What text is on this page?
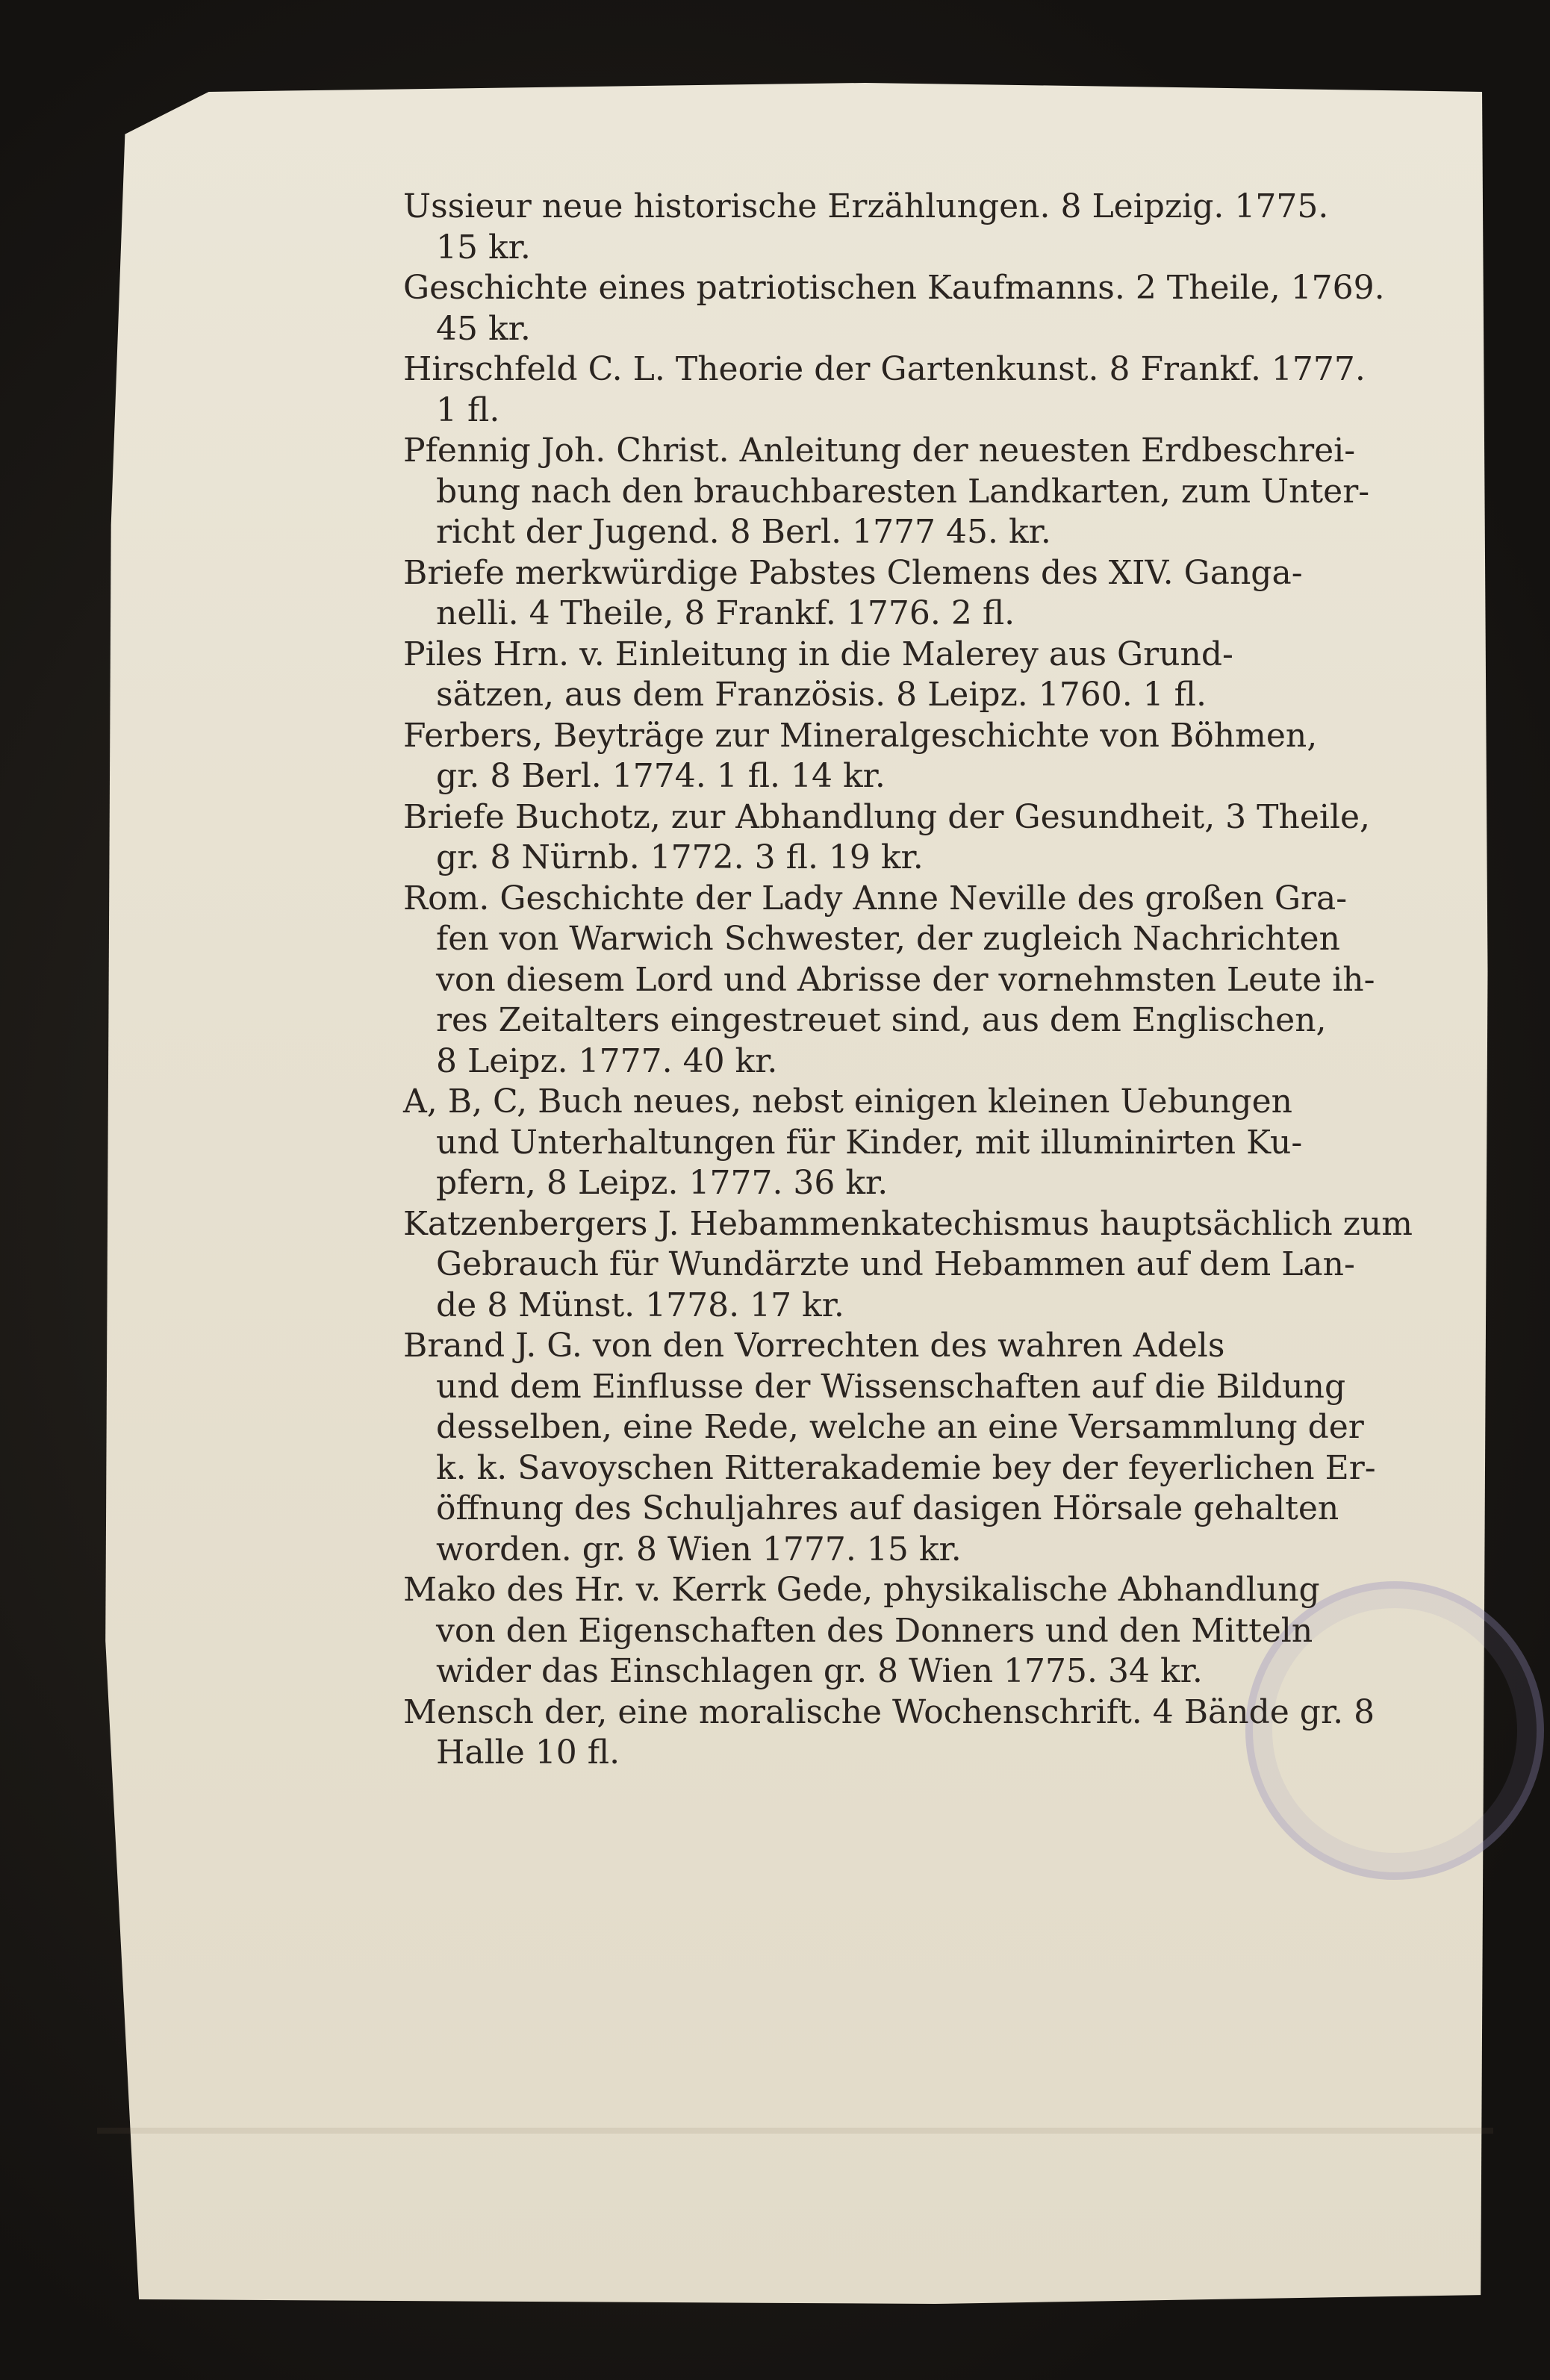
Ussieur neue historische Erzählungen. 8 Leipzig. 1775.
15 kr.

Geschichte eines patriotischen Kaufmanns. 2 Theile, 1769.
45 kr.

Hirschfeld C. L. Theorie der Gartenkunst. 8 Frankf. 1777.
1 fl.

Pfennig Joh. Christ. Anleitung der neuesten Erdbeschrei-
bung nach den brauchbaresten Landkarten, zum Unter-
richt der Jugend. 8 Berl. 1777 45. kr.

Briefe merkwürdige Pabstes Clemens des XIV. Ganga-
nelli. 4 Theile, 8 Frankf. 1776. 2 fl.

Piles Hrn. v. Einleitung in die Malerey aus Grund-
sätzen, aus dem Französis. 8 Leipz. 1760. 1 fl.

Ferbers, Beyträge zur Mineralgeschichte von Böhmen,
gr. 8 Berl. 1774. 1 fl. 14 kr.

Briefe Buchotz, zur Abhandlung der Gesundheit, 3 Theile,
gr. 8 Nürnb. 1772. 3 fl. 19 kr.

Rom. Geschichte der Lady Anne Neville des großen Gra-
fen von Warwich Schwester, der zugleich Nachrichten
von diesem Lord und Abrisse der vornehmsten Leute ih-
res Zeitalters eingestreuet sind, aus dem Englischen,
8 Leipz. 1777. 40 kr.

A, B, C, Buch neues, nebst einigen kleinen Uebungen
und Unterhaltungen für Kinder, mit illuminirten Ku-
pfern, 8 Leipz. 1777. 36 kr.

Katzenbergers J. Hebammenkatechismus hauptsächlich zum
Gebrauch für Wundärzte und Hebammen auf dem Lan-
de 8 Münst. 1778. 17 kr.

Brand J. G. von den Vorrechten des wahren Adels
und dem Einflusse der Wissenschaften auf die Bildung
desselben, eine Rede, welche an eine Versammlung der
k. k. Savoyschen Ritterakademie bey der feyerlichen Er-
öffnung des Schuljahres auf dasigen Hörsale gehalten
worden. gr. 8 Wien 1777. 15 kr.

Mako des Hr. v. Kerrk Gede, physikalische Abhandlung
von den Eigenschaften des Donners und den Mitteln
wider das Einschlagen gr. 8 Wien 1775. 34 kr.

Mensch der, eine moralische Wochenschrift. 4 Bände gr. 8
Halle 10 fl.
